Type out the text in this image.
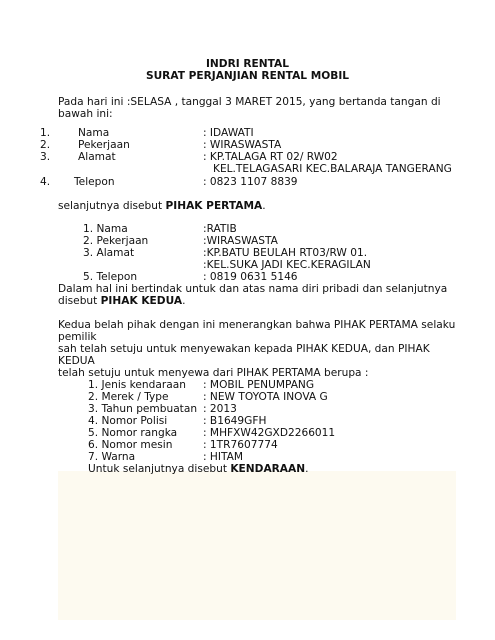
INDRI RENTAL

SURAT PERJANJIAN RENTAL MOBIL

Pada hari ini :SELASA , tanggal 3 MARET 2015, yang bertanda tangan di

bawah ini:

1.	Nama	: IDAWATI

2.	Pekerjaan	: WIRASWASTA

3.	Alamat	: KP.TALAGA RT 02/ RW02

KEL.TELAGASARI KEC.BALARAJA TANGERANG

4. Telepon	: 0823 1107 8839

selanjutnya disebut PIHAK PERTAMA.

1. Nama	:RATIB

2. Pekerjaan	:WIRASWASTA

3. Alamat	:KP.BATU BEULAH RT03/RW 01.

:KEL.SUKA JADI KEC.KERAGILAN

5. Telepon	: 0819 0631 5146

Dalam hal ini bertindak untuk dan atas nama diri pribadi dan selanjutnya

disebut PIHAK KEDUA.

Kedua belah pihak dengan ini menerangkan bahwa PIHAK PERTAMA selaku

pemilik

sah telah setuju untuk menyewakan kepada PIHAK KEDUA, dan PIHAK

KEDUA

telah setuju untuk menyewa dari PIHAK PERTAMA berupa :

1. Jenis kendaraan : MOBIL PENUMPANG

2. Merek / Type	: NEW TOYOTA INOVA G

3. Tahun pembuatan : 2013

4. Nomor Polisi	: B1649GFH

5. Nomor rangka : MHFXW42GXD2266011

6. Nomor mesin	: 1TR7607774

7. Warna	: HITAM

Untuk selanjutnya disebut KENDARAAN.
